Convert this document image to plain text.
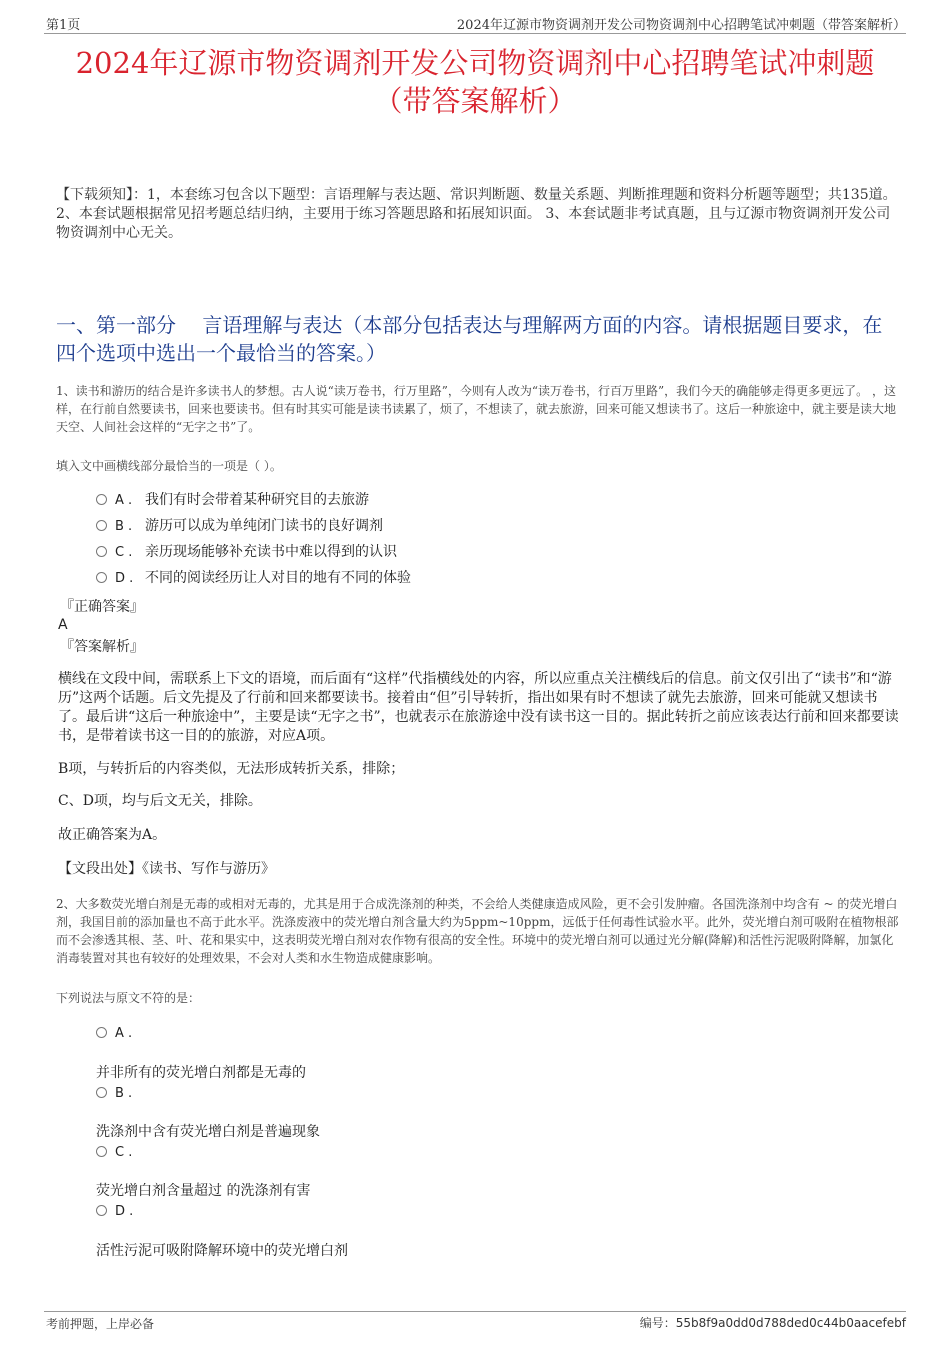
第1页	2024年辽源市物资调剂开发公司物资调剂中心招聘笔试冲刺题（带答案解析）
2024年辽源市物资调剂开发公司物资调剂中心招聘笔试冲刺题
（带答案解析）
【下载须知】：1，本套练习包含以下题型：言语理解与表达题、常识判断题、数量关系题、判断推理题和资料分析题等题型；共135道。 2、本套试题根据常见招考题总结归纳，主要用于练习答题思路和拓展知识面。 3、本套试题非考试真题，且与辽源市物资调剂开发公司物资调剂中心无关。
一、第一部分　 言语理解与表达（本部分包括表达与理解两方面的内容。请根据题目要求，在四个选项中选出一个最恰当的答案。）
1、读书和游历的结合是许多读书人的梦想。古人说“读万卷书，行万里路”，今则有人改为“读万卷书，行百万里路”，我们今天的确能够走得更多更远了。 ，这样，在行前自然要读书，回来也要读书。但有时其实可能是读书读累了，烦了，不想读了，就去旅游，回来可能又想读书了。这后一种旅途中，就主要是读大地天空、人间社会这样的“无字之书”了。
填入文中画横线部分最恰当的一项是（ ）。
A . 我们有时会带着某种研究目的去旅游
B . 游历可以成为单纯闭门读书的良好调剂
C . 亲历现场能够补充读书中难以得到的认识
D . 不同的阅读经历让人对目的地有不同的体验
『正确答案』
A
『答案解析』
横线在文段中间，需联系上下文的语境，而后面有“这样”代指横线处的内容，所以应重点关注横线后的信息。前文仅引出了“读书”和“游历”这两个话题。后文先提及了行前和回来都要读书。接着由“但”引导转折，指出如果有时不想读了就先去旅游，回来可能就又想读书了。最后讲“这后一种旅途中”，主要是读“无字之书”，也就表示在旅游途中没有读书这一目的。据此转折之前应该表达行前和回来都要读书，是带着读书这一目的的旅游，对应A项。
B项，与转折后的内容类似，无法形成转折关系，排除；
C、D项，均与后文无关，排除。
故正确答案为A。
【文段出处】《读书、写作与游历》
2、大多数荧光增白剂是无毒的或相对无毒的，尤其是用于合成洗涤剂的种类，不会给人类健康造成风险，更不会引发肿瘤。各国洗涤剂中均含有 ~ 的荧光增白剂，我国目前的添加量也不高于此水平。洗涤废液中的荧光增白剂含量大约为5ppm~10ppm，远低于任何毒性试验水平。此外，荧光增白剂可吸附在植物根部而不会渗透其根、茎、叶、花和果实中，这表明荧光增白剂对农作物有很高的安全性。环境中的荧光增白剂可以通过光分解(降解)和活性污泥吸附降解，加氯化消毒装置对其也有较好的处理效果，不会对人类和水生物造成健康影响。
下列说法与原文不符的是：
A .
并非所有的荧光增白剂都是无毒的
B .
洗涤剂中含有荧光增白剂是普遍现象
C .
荧光增白剂含量超过 的洗涤剂有害
D .
活性污泥可吸附降解环境中的荧光增白剂
考前押题，上岸必备	编号：55b8f9a0dd0d788ded0c44b0aacefebf
